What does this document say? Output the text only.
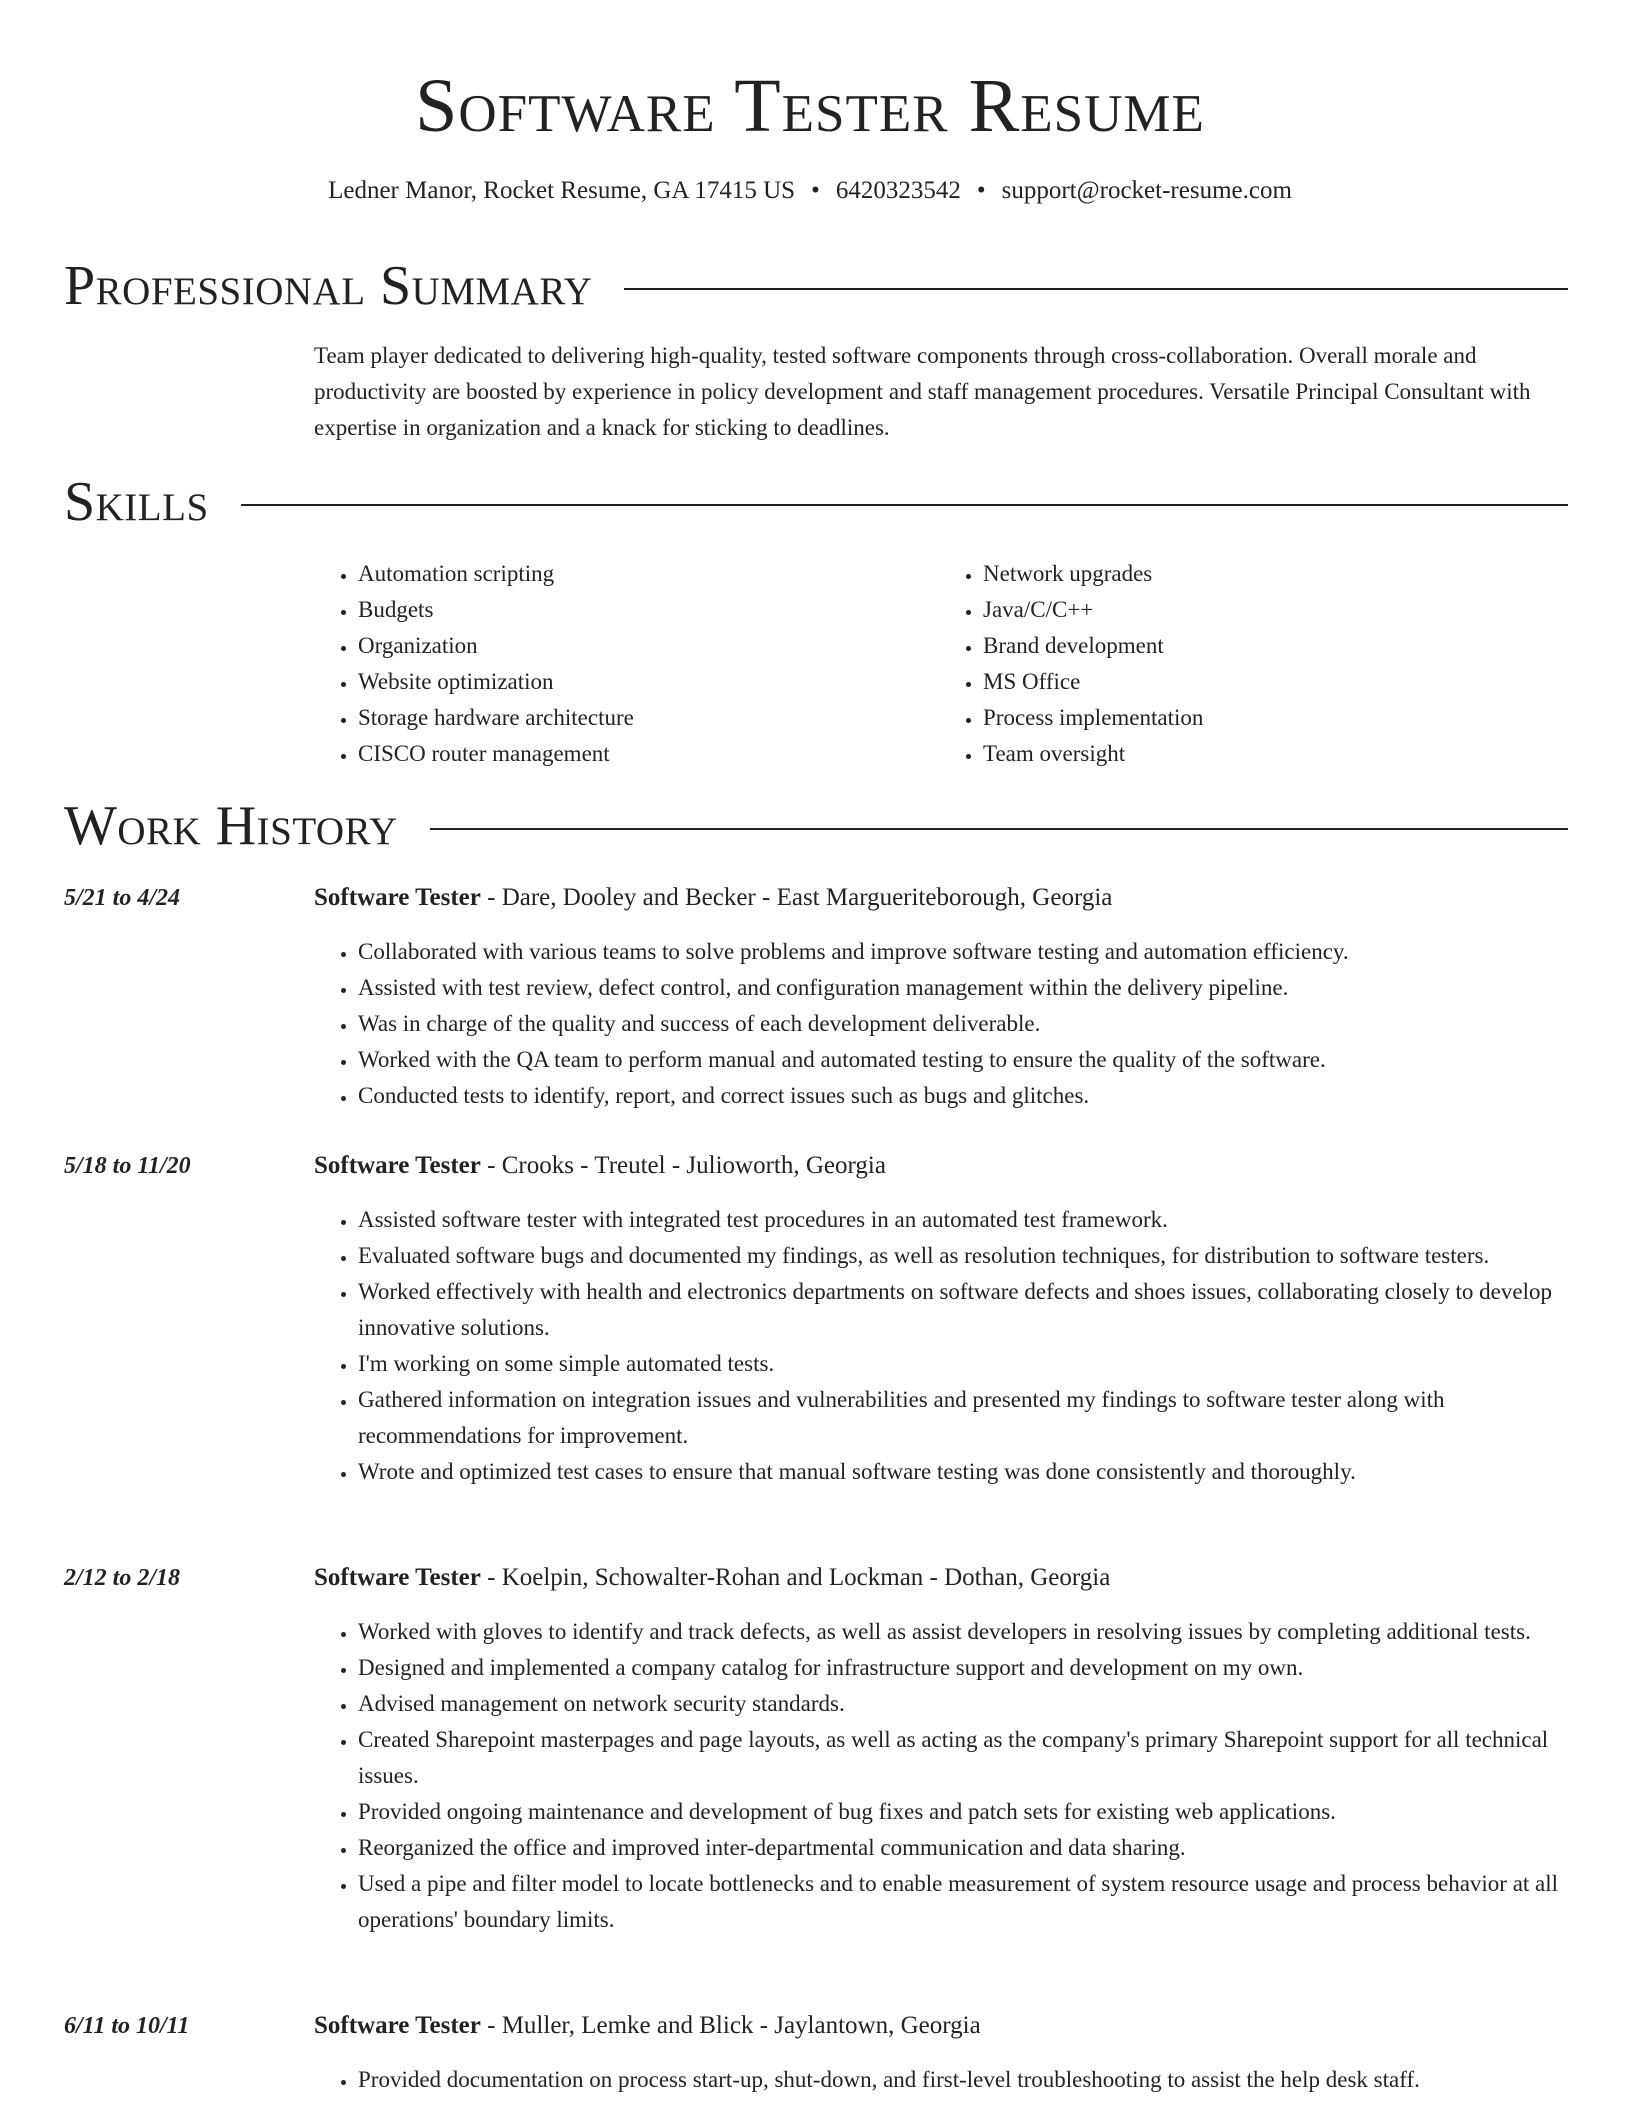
Software Tester Resume
Ledner Manor, Rocket Resume, GA 17415 US • 6420323542 • support@rocket-resume.com
Professional Summary
Team player dedicated to delivering high-quality, tested software components through cross-collaboration. Overall morale and productivity are boosted by experience in policy development and staff management procedures. Versatile Principal Consultant with expertise in organization and a knack for sticking to deadlines.
Skills
• Automation scripting
• Budgets
• Organization
• Website optimization
• Storage hardware architecture
• CISCO router management
• Network upgrades
• Java/C/C++
• Brand development
• MS Office
• Process implementation
• Team oversight
Work History
5/21 to 4/24	Software Tester - Dare, Dooley and Becker - East Margueriteborough, Georgia
• Collaborated with various teams to solve problems and improve software testing and automation efficiency.
• Assisted with test review, defect control, and configuration management within the delivery pipeline.
• Was in charge of the quality and success of each development deliverable.
• Worked with the QA team to perform manual and automated testing to ensure the quality of the software.
• Conducted tests to identify, report, and correct issues such as bugs and glitches.
5/18 to 11/20	Software Tester - Crooks - Treutel - Julioworth, Georgia
• Assisted software tester with integrated test procedures in an automated test framework.
• Evaluated software bugs and documented my findings, as well as resolution techniques, for distribution to software testers.
• Worked effectively with health and electronics departments on software defects and shoes issues, collaborating closely to develop innovative solutions.
• I'm working on some simple automated tests.
• Gathered information on integration issues and vulnerabilities and presented my findings to software tester along with recommendations for improvement.
• Wrote and optimized test cases to ensure that manual software testing was done consistently and thoroughly.
2/12 to 2/18	Software Tester - Koelpin, Schowalter-Rohan and Lockman - Dothan, Georgia
• Worked with gloves to identify and track defects, as well as assist developers in resolving issues by completing additional tests.
• Designed and implemented a company catalog for infrastructure support and development on my own.
• Advised management on network security standards.
• Created Sharepoint masterpages and page layouts, as well as acting as the company's primary Sharepoint support for all technical issues.
• Provided ongoing maintenance and development of bug fixes and patch sets for existing web applications.
• Reorganized the office and improved inter-departmental communication and data sharing.
• Used a pipe and filter model to locate bottlenecks and to enable measurement of system resource usage and process behavior at all operations' boundary limits.
6/11 to 10/11	Software Tester - Muller, Lemke and Blick - Jaylantown, Georgia
• Provided documentation on process start-up, shut-down, and first-level troubleshooting to assist the help desk staff.
